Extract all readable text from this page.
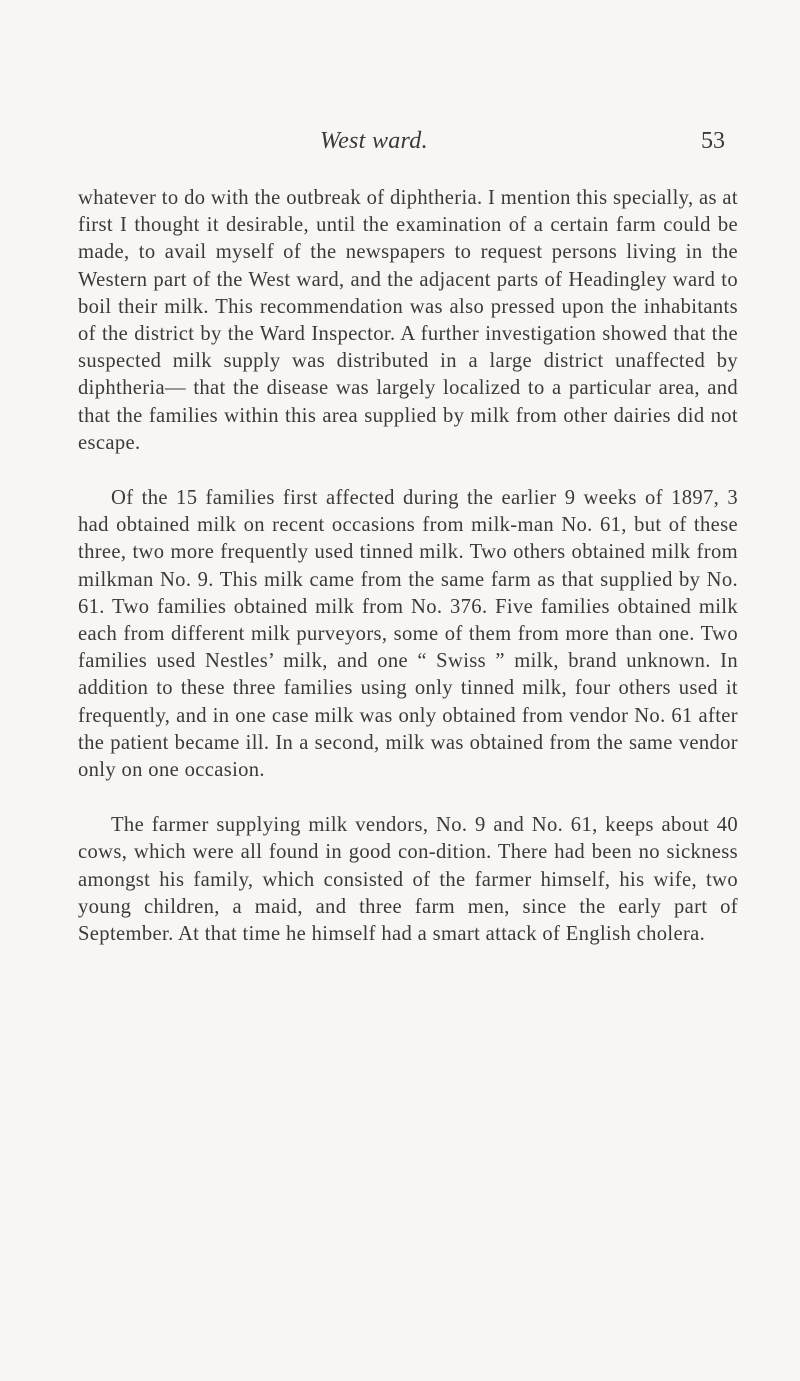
West ward.	53

whatever to do with the outbreak of diphtheria. I mention this specially, as at first I thought it desirable, until the examination of a certain farm could be made, to avail myself of the newspapers to request persons living in the Western part of the West ward, and the adjacent parts of Headingley ward to boil their milk. This recommendation was also pressed upon the inhabitants of the district by the Ward Inspector. A further investigation showed that the suspected milk supply was distributed in a large district unaffected by diphtheria— that the disease was largely localized to a particular area, and that the families within this area supplied by milk from other dairies did not escape.

Of the 15 families first affected during the earlier 9 weeks of 1897, 3 had obtained milk on recent occasions from milk-man No. 61, but of these three, two more frequently used tinned milk. Two others obtained milk from milkman No. 9. This milk came from the same farm as that supplied by No. 61. Two families obtained milk from No. 376. Five families obtained milk each from different milk purveyors, some of them from more than one. Two families used Nestles’ milk, and one “ Swiss ” milk, brand unknown. In addition to these three families using only tinned milk, four others used it frequently, and in one case milk was only obtained from vendor No. 61 after the patient became ill. In a second, milk was obtained from the same vendor only on one occasion.

The farmer supplying milk vendors, No. 9 and No. 61, keeps about 40 cows, which were all found in good con-dition. There had been no sickness amongst his family, which consisted of the farmer himself, his wife, two young children, a maid, and three farm men, since the early part of September. At that time he himself had a smart attack of English cholera.
